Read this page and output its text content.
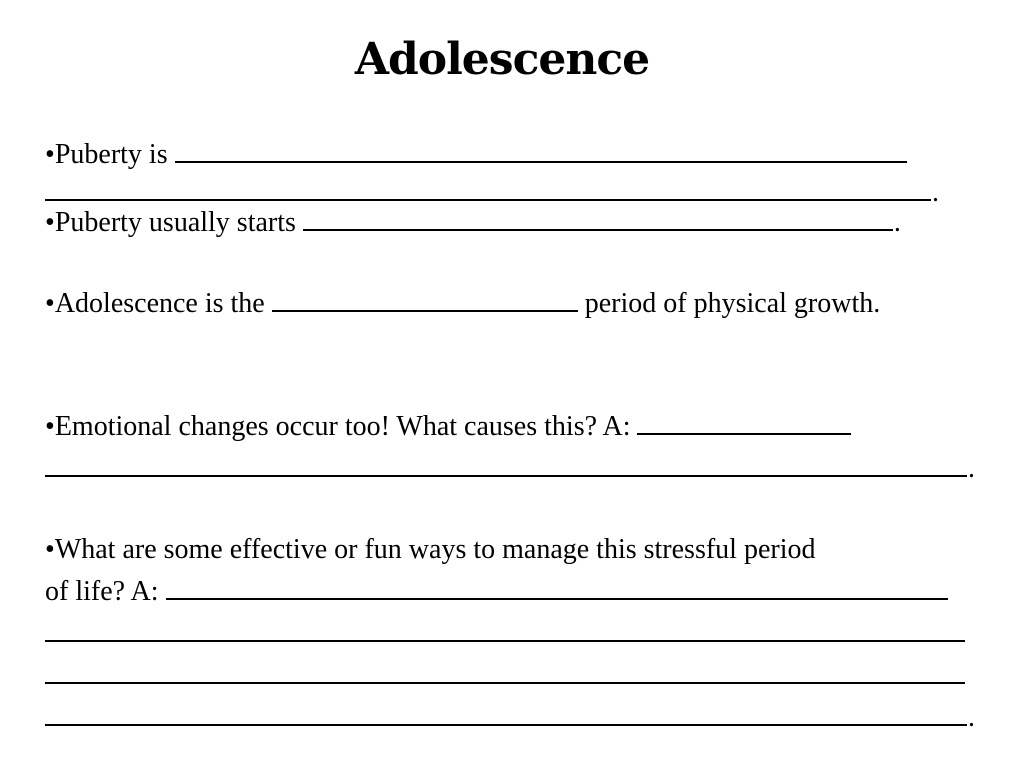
Adolescence
•Puberty is
.
•Puberty usually starts	.
•Adolescence is the	period of physical growth.
•Emotional changes occur too! What causes this? A:
.
•What are some effective or fun ways to manage this stressful period
of life? A:
.
